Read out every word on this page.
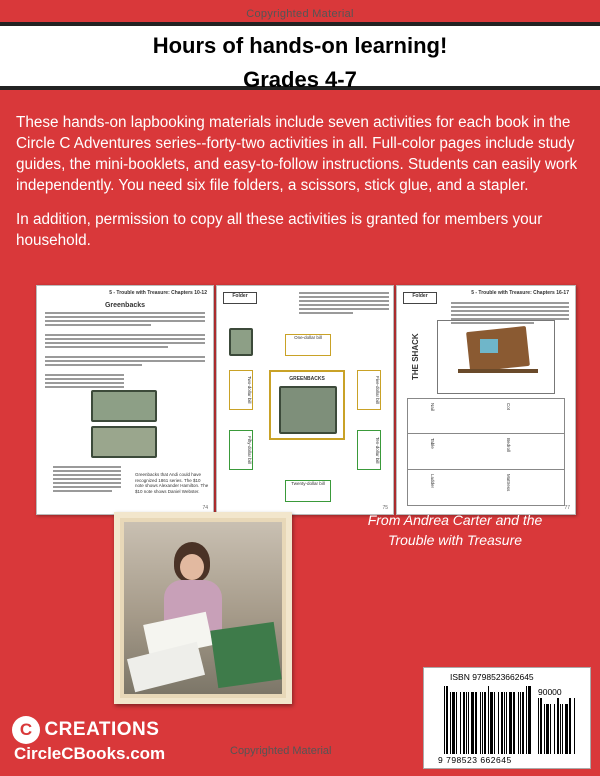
Copyrighted Material
Hours of hands-on learning!
Grades 4-7

These hands-on lapbooking materials include seven activities for each book in the Circle C Adventures series--forty-two activities in all. Full-color pages include study guides, the mini-booklets, and easy-to-follow instructions. Students can easily work independently. You need six file folders, a scissors, stick glue, and a stapler.

In addition, permission to copy all these activities is granted for members your household.

5 - Trouble with Treasure: Chapters 10-12
Greenbacks
Greenbacks that Andi could have recognized 1861 series. The $10 note shows Alexander Hamilton. The $10 note shows Daniel Webster.
74
Folder
One-dollar bill
Two-dollar bill	Five-dollar bill
GREENBACKS
Fifty-dollar bill	Ten-dollar bill
Twenty-dollar bill
75
5 - Trouble with Treasure: Chapters 16-17
Folder
THE SHACK
Nail	Cot
Table	Bedroll
Ladder	Mattress
77
From Andrea Carter and the
Trouble with Treasure
C CREATIONS
CircleCBooks.com	Copyrighted Material
ISBN 9798523662645
90000
9 798523 662645
